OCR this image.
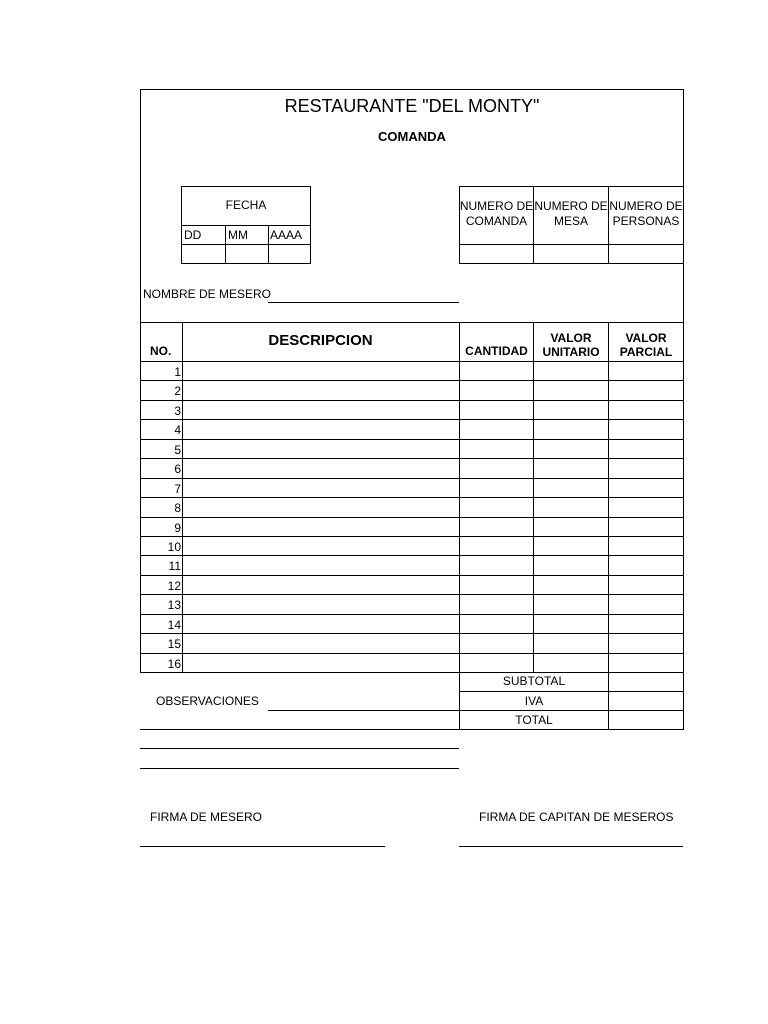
RESTAURANTE "DEL MONTY"
COMANDA
FECHA
DD MM AAAA
NUMERO DE
COMANDA
NUMERO DE
MESA
NUMERO DE
PERSONAS
NOMBRE DE MESERO
NO.
DESCRIPCION
CANTIDAD
VALOR
UNITARIO
VALOR
PARCIAL
1
2
3
4
5
6
7
8
9
10
11
12
13
14
15
16
SUBTOTAL
IVA
TOTAL
OBSERVACIONES
FIRMA DE MESERO	FIRMA DE CAPITAN DE MESEROS
